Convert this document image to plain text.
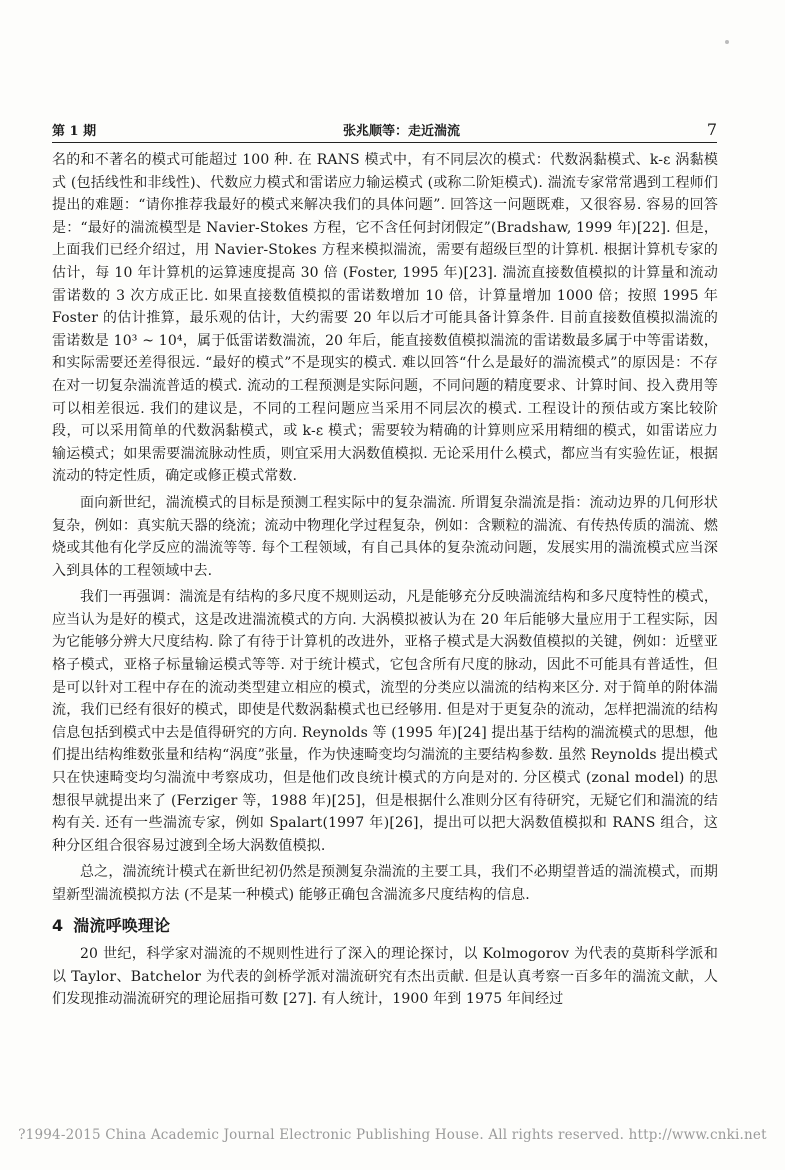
第 1 期	张兆顺等：走近湍流	7

名的和不著名的模式可能超过 100 种. 在 RANS 模式中，有不同层次的模式：代数涡黏模式、k-ε 涡黏模式 (包括线性和非线性)、代数应力模式和雷诺应力输运模式 (或称二阶矩模式). 湍流专家常常遇到工程师们提出的难题：“请你推荐我最好的模式来解决我们的具体问题”. 回答这一问题既难，又很容易. 容易的回答是：“最好的湍流模型是 Navier-Stokes 方程，它不含任何封闭假定”(Bradshaw, 1999 年)[22]. 但是，上面我们已经介绍过，用 Navier-Stokes 方程来模拟湍流，需要有超级巨型的计算机. 根据计算机专家的估计，每 10 年计算机的运算速度提高 30 倍 (Foster, 1995 年)[23]. 湍流直接数值模拟的计算量和流动雷诺数的 3 次方成正比. 如果直接数值模拟的雷诺数增加 10 倍，计算量增加 1000 倍；按照 1995 年 Foster 的估计推算，最乐观的估计，大约需要 20 年以后才可能具备计算条件. 目前直接数值模拟湍流的雷诺数是 10³ ~ 10⁴，属于低雷诺数湍流，20 年后，能直接数值模拟湍流的雷诺数最多属于中等雷诺数，和实际需要还差得很远. “最好的模式”不是现实的模式. 难以回答“什么是最好的湍流模式”的原因是：不存在对一切复杂湍流普适的模式. 流动的工程预测是实际问题，不同问题的精度要求、计算时间、投入费用等可以相差很远. 我们的建议是，不同的工程问题应当采用不同层次的模式. 工程设计的预估或方案比较阶段，可以采用简单的代数涡黏模式，或 k-ε 模式；需要较为精确的计算则应采用精细的模式，如雷诺应力输运模式；如果需要湍流脉动性质，则宜采用大涡数值模拟. 无论采用什么模式，都应当有实验佐证，根据流动的特定性质，确定或修正模式常数.

面向新世纪，湍流模式的目标是预测工程实际中的复杂湍流. 所谓复杂湍流是指：流动边界的几何形状复杂，例如：真实航天器的绕流；流动中物理化学过程复杂，例如：含颗粒的湍流、有传热传质的湍流、燃烧或其他有化学反应的湍流等等. 每个工程领域，有自己具体的复杂流动问题，发展实用的湍流模式应当深入到具体的工程领域中去.

我们一再强调：湍流是有结构的多尺度不规则运动，凡是能够充分反映湍流结构和多尺度特性的模式，应当认为是好的模式，这是改进湍流模式的方向. 大涡模拟被认为在 20 年后能够大量应用于工程实际，因为它能够分辨大尺度结构. 除了有待于计算机的改进外，亚格子模式是大涡数值模拟的关键，例如：近壁亚格子模式，亚格子标量输运模式等等. 对于统计模式，它包含所有尺度的脉动，因此不可能具有普适性，但是可以针对工程中存在的流动类型建立相应的模式，流型的分类应以湍流的结构来区分. 对于简单的附体湍流，我们已经有很好的模式，即使是代数涡黏模式也已经够用. 但是对于更复杂的流动，怎样把湍流的结构信息包括到模式中去是值得研究的方向. Reynolds 等 (1995 年)[24] 提出基于结构的湍流模式的思想，他们提出结构维数张量和结构“涡度”张量，作为快速畸变均匀湍流的主要结构参数. 虽然 Reynolds 提出模式只在快速畸变均匀湍流中考察成功，但是他们改良统计模式的方向是对的. 分区模式 (zonal model) 的思想很早就提出来了 (Ferziger 等，1988 年)[25]，但是根据什么准则分区有待研究，无疑它们和湍流的结构有关. 还有一些湍流专家，例如 Spalart(1997 年)[26]，提出可以把大涡数值模拟和 RANS 组合，这种分区组合很容易过渡到全场大涡数值模拟.

总之，湍流统计模式在新世纪初仍然是预测复杂湍流的主要工具，我们不必期望普适的湍流模式，而期望新型湍流模拟方法 (不是某一种模式) 能够正确包含湍流多尺度结构的信息.

4 湍流呼唤理论

20 世纪，科学家对湍流的不规则性进行了深入的理论探讨，以 Kolmogorov 为代表的莫斯科学派和以 Taylor、Batchelor 为代表的剑桥学派对湍流研究有杰出贡献. 但是认真考察一百多年的湍流文献，人们发现推动湍流研究的理论屈指可数 [27]. 有人统计，1900 年到 1975 年间经过

?1994-2015 China Academic Journal Electronic Publishing House. All rights reserved. http://www.cnki.net
